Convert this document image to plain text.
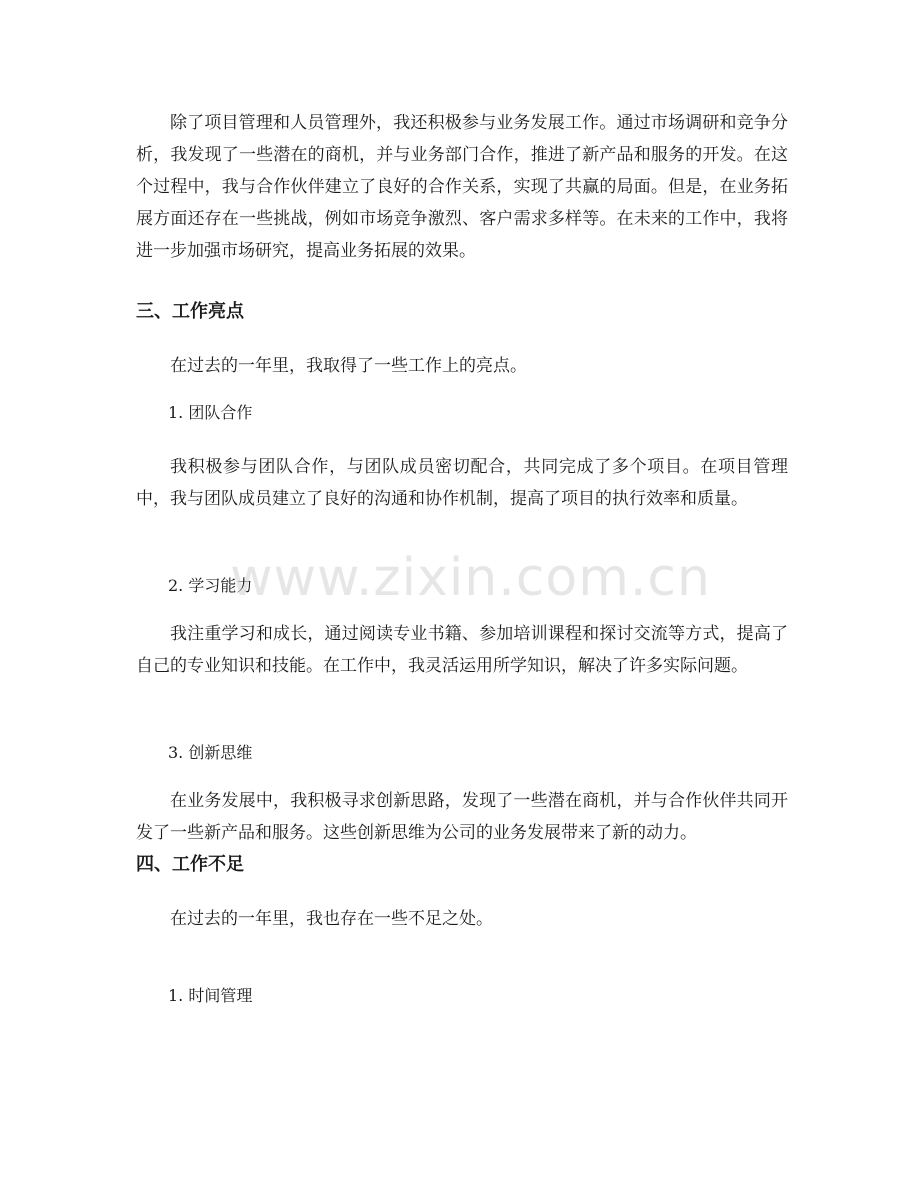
除了项目管理和人员管理外，我还积极参与业务发展工作。通过市场调研和竞争分析，我发现了一些潜在的商机，并与业务部门合作，推进了新产品和服务的开发。在这个过程中，我与合作伙伴建立了良好的合作关系，实现了共赢的局面。但是，在业务拓展方面还存在一些挑战，例如市场竞争激烈、客户需求多样等。在未来的工作中，我将进一步加强市场研究，提高业务拓展的效果。

三、工作亮点

在过去的一年里，我取得了一些工作上的亮点。

1. 团队合作

我积极参与团队合作，与团队成员密切配合，共同完成了多个项目。在项目管理中，我与团队成员建立了良好的沟通和协作机制，提高了项目的执行效率和质量。

2. 学习能力

我注重学习和成长，通过阅读专业书籍、参加培训课程和探讨交流等方式，提高了自己的专业知识和技能。在工作中，我灵活运用所学知识，解决了许多实际问题。

3. 创新思维

在业务发展中，我积极寻求创新思路，发现了一些潜在商机，并与合作伙伴共同开发了一些新产品和服务。这些创新思维为公司的业务发展带来了新的动力。

四、工作不足

在过去的一年里，我也存在一些不足之处。

1. 时间管理

www.zixin.com.cn
